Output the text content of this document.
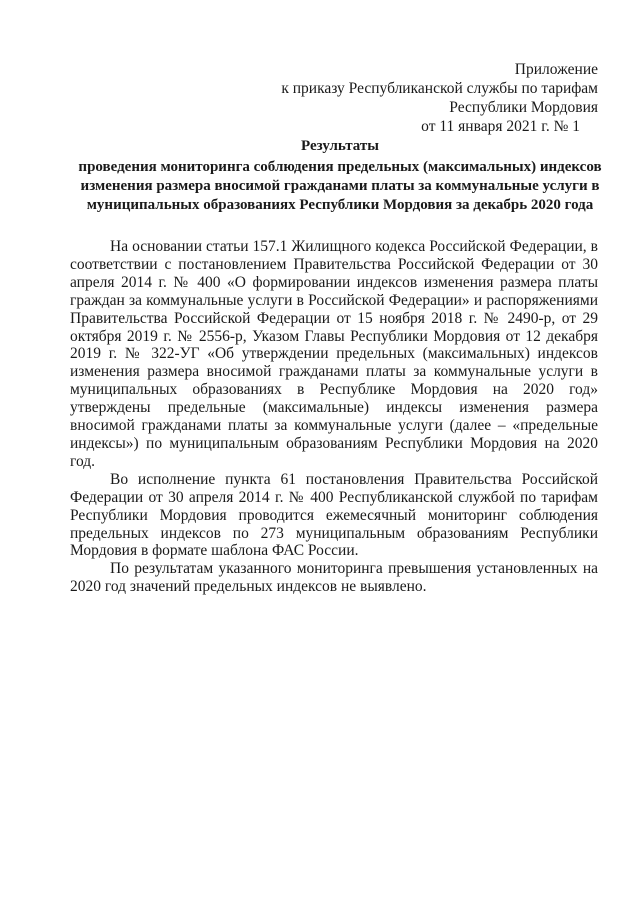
Приложение
к приказу Республиканской службы по тарифам
Республики Мордовия
от 11 января 2021 г. № 1
Результаты
проведения мониторинга соблюдения предельных (максимальных) индексов изменения размера вносимой гражданами платы за коммунальные услуги в муниципальных образованиях Республики Мордовия за декабрь 2020 года

На основании статьи 157.1 Жилищного кодекса Российской Федерации, в соответствии с постановлением Правительства Российской Федерации от 30 апреля 2014 г. № 400 «О формировании индексов изменения размера платы граждан за коммунальные услуги в Российской Федерации» и распоряжениями Правительства Российской Федерации от 15 ноября 2018 г. № 2490-р, от 29 октября 2019 г. № 2556-р, Указом Главы Республики Мордовия от 12 декабря 2019 г. № 322-УГ «Об утверждении предельных (максимальных) индексов изменения размера вносимой гражданами платы за коммунальные услуги в муниципальных образованиях в Республике Мордовия на 2020 год» утверждены предельные (максимальные) индексы изменения размера вносимой гражданами платы за коммунальные услуги (далее – «предельные индексы») по муниципальным образованиям Республики Мордовия на 2020 год.

Во исполнение пункта 61 постановления Правительства Российской Федерации от 30 апреля 2014 г. № 400 Республиканской службой по тарифам Республики Мордовия проводится ежемесячный мониторинг соблюдения предельных индексов по 273 муниципальным образованиям Республики Мордовия в формате шаблона ФАС России.

По результатам указанного мониторинга превышения установленных на 2020 год значений предельных индексов не выявлено.
